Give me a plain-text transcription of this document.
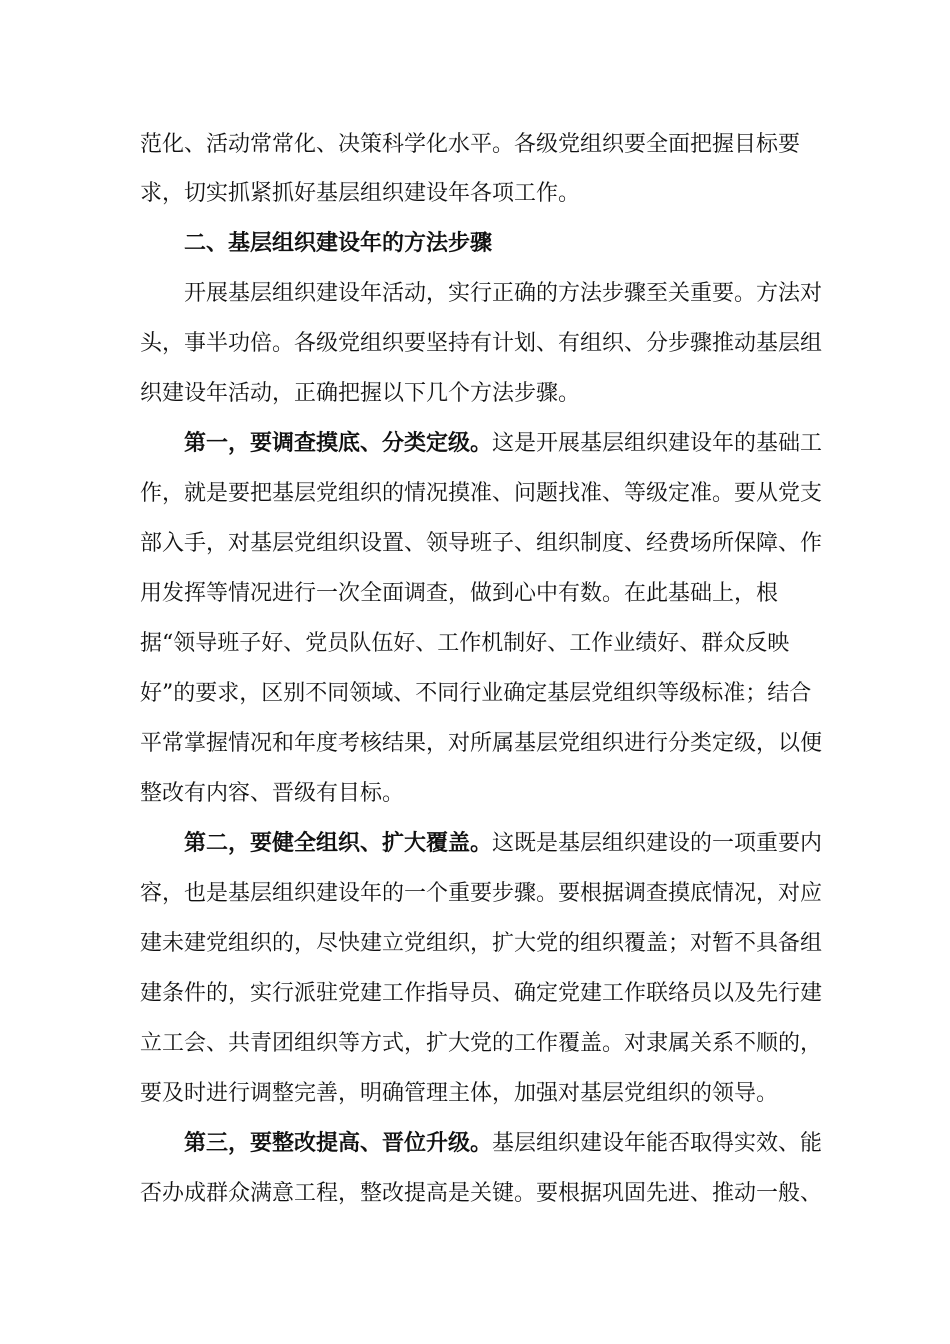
范化、活动常常化、决策科学化水平。各级党组织要全面把握目标要
求，切实抓紧抓好基层组织建设年各项工作。
二、基层组织建设年的方法步骤
开展基层组织建设年活动，实行正确的方法步骤至关重要。方法对
头，事半功倍。各级党组织要坚持有计划、有组织、分步骤推动基层组
织建设年活动，正确把握以下几个方法步骤。
第一，要调查摸底、分类定级。这是开展基层组织建设年的基础工
作，就是要把基层党组织的情况摸准、问题找准、等级定准。要从党支
部入手，对基层党组织设置、领导班子、组织制度、经费场所保障、作
用发挥等情况进行一次全面调查，做到心中有数。在此基础上，根
据“领导班子好、党员队伍好、工作机制好、工作业绩好、群众反映
好”的要求，区别不同领域、不同行业确定基层党组织等级标准；结合
平常掌握情况和年度考核结果，对所属基层党组织进行分类定级，以便
整改有内容、晋级有目标。
第二，要健全组织、扩大覆盖。这既是基层组织建设的一项重要内
容，也是基层组织建设年的一个重要步骤。要根据调查摸底情况，对应
建未建党组织的，尽快建立党组织，扩大党的组织覆盖；对暂不具备组
建条件的，实行派驻党建工作指导员、确定党建工作联络员以及先行建
立工会、共青团组织等方式，扩大党的工作覆盖。对隶属关系不顺的，
要及时进行调整完善，明确管理主体，加强对基层党组织的领导。
第三，要整改提高、晋位升级。基层组织建设年能否取得实效、能
否办成群众满意工程，整改提高是关键。要根据巩固先进、推动一般、
